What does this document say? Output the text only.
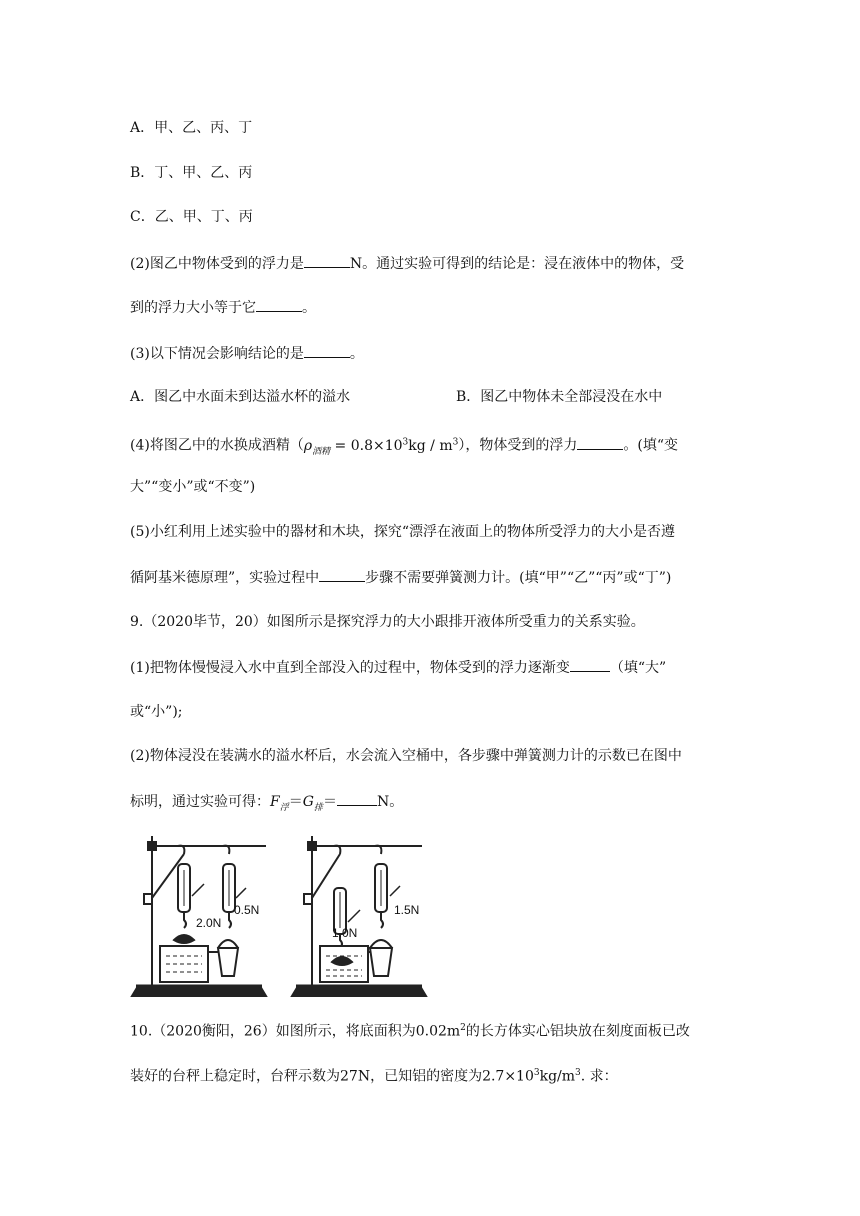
A．甲、乙、丙、丁
B．丁、甲、乙、丙
C．乙、甲、丁、丙
(2)图乙中物体受到的浮力是	N。通过实验可得到的结论是：浸在液体中的物体，受
到的浮力大小等于它	。
(3)以下情况会影响结论的是	。
A．图乙中水面未到达溢水杯的溢水	B．图乙中物体未全部浸没在水中
(4)将图乙中的水换成酒精$(\rho_{酒精} = 0.8\times 10^3kg / m^3)$，物体受到的浮力	。(填“变
大”“变小”或“不变”)
(5)小红利用上述实验中的器材和木块，探究“漂浮在液面上的物体所受浮力的大小是否遵
循阿基米德原理”，实验过程中	步骤不需要弹簧测力计。(填“甲”“乙”“丙”或“丁”)
9.（2020毕节，20）如图所示是探究浮力的大小跟排开液体所受重力的关系实验。
(1)把物体慢慢浸入水中直到全部没入的过程中，物体受到的浮力逐渐变	（填“大”
或“小”);
(2)物体浸没在装满水的溢水杯后，水会流入空桶中，各步骤中弹簧测力计的示数已在图中
标明，通过实验可得：$F_浮=G_排=$	N。
2.0N
0.5N
1.0N
1.5N
10.（2020衡阳，26）如图所示，将底面积为$0.02m^2$的长方体实心铝块放在刻度面板已改
装好的台秤上稳定时，台秤示数为27N，已知铝的密度为$2.7\times 10^3kg/m^3$. 求：
